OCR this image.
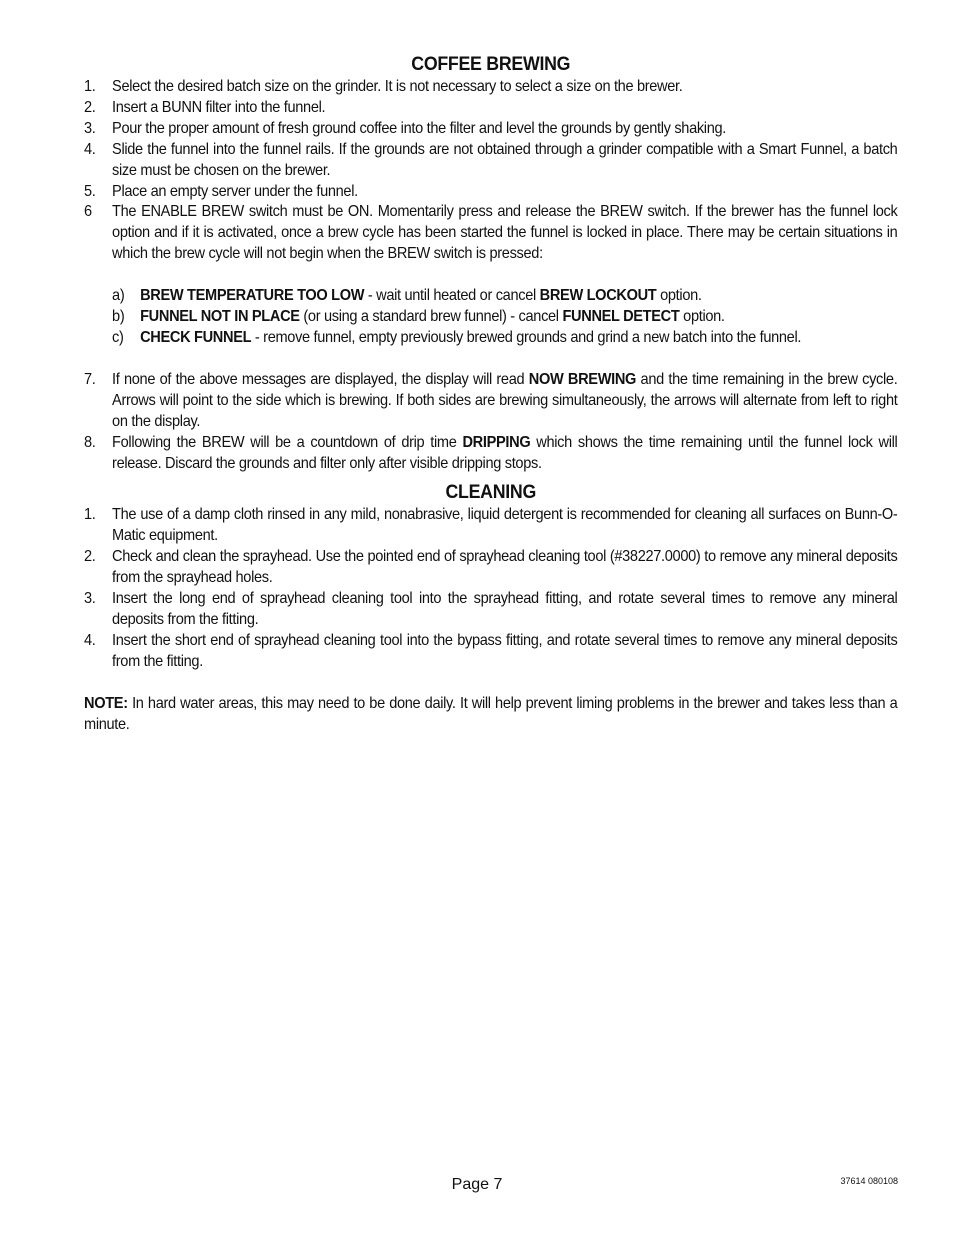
COFFEE BREWING
1. Select the desired batch size on the grinder. It is not necessary to select a size on the brewer.
2. Insert a BUNN filter into the funnel.
3. Pour the proper amount of fresh ground coffee into the filter and level the grounds by gently shaking.
4. Slide the funnel into the funnel rails. If the grounds are not obtained through a grinder compatible with a Smart Funnel, a batch size must be chosen on the brewer.
5. Place an empty server under the funnel.
6 The ENABLE BREW switch must be ON. Momentarily press and release the BREW switch. If the brewer has the funnel lock option and if it is activated, once a brew cycle has been started the funnel is locked in place. There may be certain situations in which the brew cycle will not begin when the BREW switch is pressed:
a) BREW TEMPERATURE TOO LOW - wait until heated or cancel BREW LOCKOUT option.
b) FUNNEL NOT IN PLACE (or using a standard brew funnel) - cancel FUNNEL DETECT option.
c) CHECK FUNNEL - remove funnel, empty previously brewed grounds and grind a new batch into the funnel.
7. If none of the above messages are displayed, the display will read NOW BREWING and the time remaining in the brew cycle. Arrows will point to the side which is brewing. If both sides are brewing simultaneously, the arrows will alternate from left to right on the display.
8. Following the BREW will be a countdown of drip time DRIPPING which shows the time remaining until the funnel lock will release. Discard the grounds and filter only after visible dripping stops.
CLEANING
1. The use of a damp cloth rinsed in any mild, nonabrasive, liquid detergent is recommended for cleaning all surfaces on Bunn-O-Matic equipment.
2. Check and clean the sprayhead. Use the pointed end of sprayhead cleaning tool (#38227.0000) to remove any mineral deposits from the sprayhead holes.
3. Insert the long end of sprayhead cleaning tool into the sprayhead fitting, and rotate several times to remove any mineral deposits from the fitting.
4. Insert the short end of sprayhead cleaning tool into the bypass fitting, and rotate several times to remove any mineral deposits from the fitting.

NOTE: In hard water areas, this may need to be done daily. It will help prevent liming problems in the brewer and takes less than a minute.

Page 7	37614 080108
